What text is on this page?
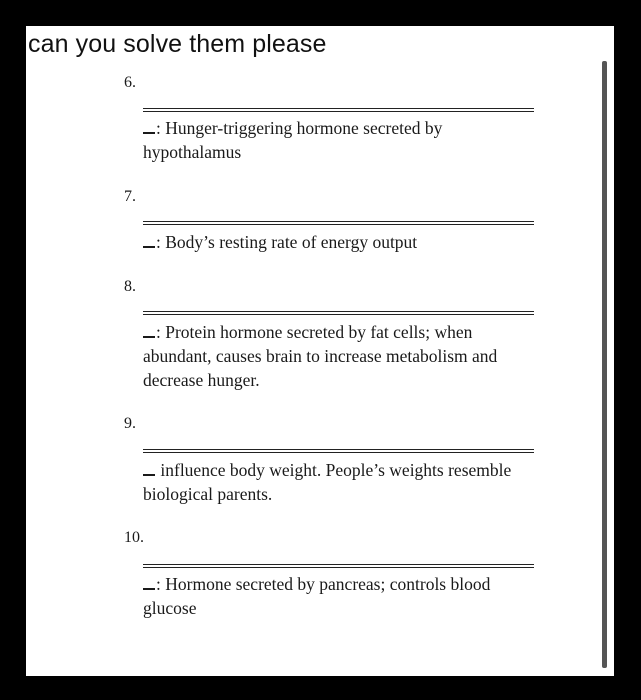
can you solve them please
6.
: Hunger-triggering hormone secreted by hypothalamus
7.
: Body’s resting rate of energy output
8.
: Protein hormone secreted by fat cells; when abundant, causes brain to increase metabolism and decrease hunger.
9.
influence body weight. People’s weights resemble biological parents.
10.
: Hormone secreted by pancreas; controls blood glucose
